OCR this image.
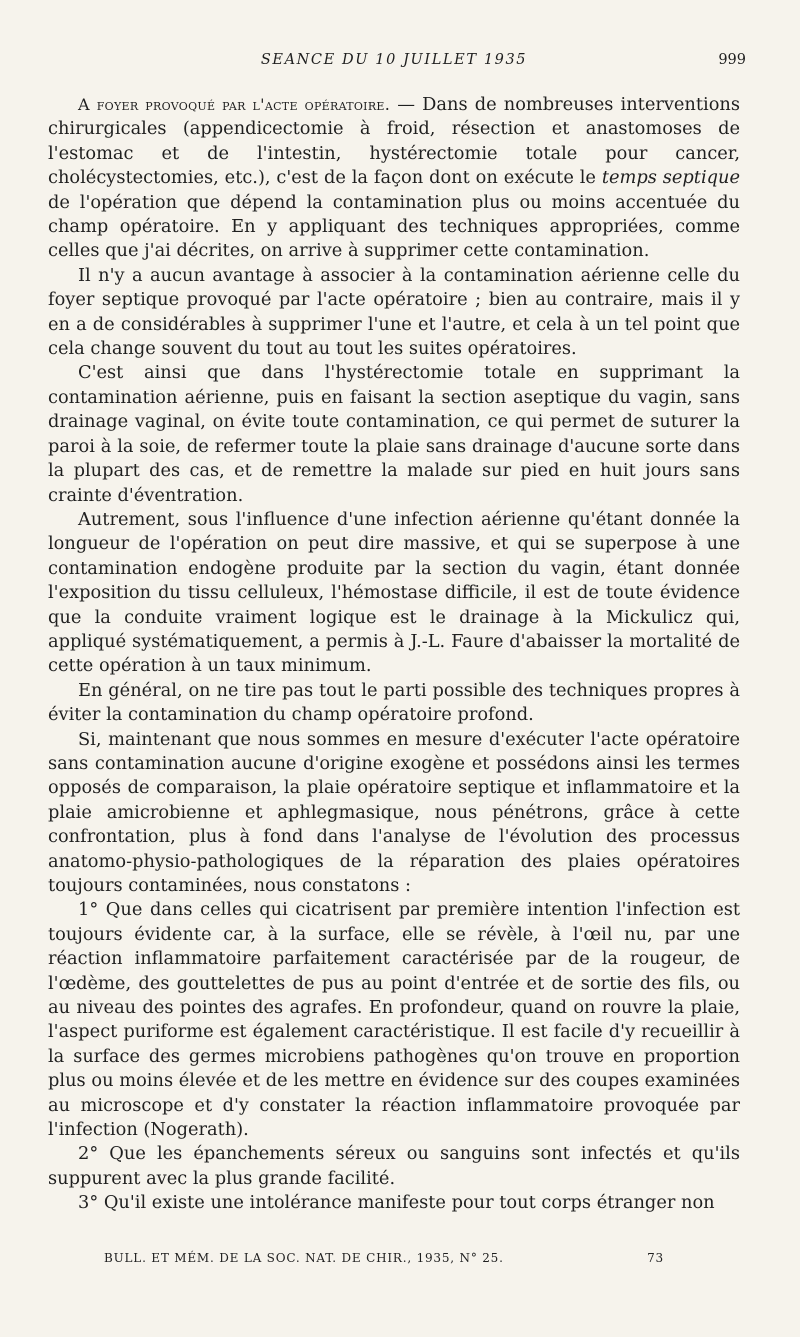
SEANCE DU 10 JUILLET 1935	999

A foyer provoqué par l'acte opératoire. — Dans de nombreuses interventions chirurgicales (appendicectomie à froid, résection et anastomoses de l'estomac et de l'intestin, hystérectomie totale pour cancer, cholécystectomies, etc.), c'est de la façon dont on exécute le temps septique de l'opération que dépend la contamination plus ou moins accentuée du champ opératoire. En y appliquant des techniques appropriées, comme celles que j'ai décrites, on arrive à supprimer cette contamination.

Il n'y a aucun avantage à associer à la contamination aérienne celle du foyer septique provoqué par l'acte opératoire ; bien au contraire, mais il y en a de considérables à supprimer l'une et l'autre, et cela à un tel point que cela change souvent du tout au tout les suites opératoires.

C'est ainsi que dans l'hystérectomie totale en supprimant la contamination aérienne, puis en faisant la section aseptique du vagin, sans drainage vaginal, on évite toute contamination, ce qui permet de suturer la paroi à la soie, de refermer toute la plaie sans drainage d'aucune sorte dans la plupart des cas, et de remettre la malade sur pied en huit jours sans crainte d'éventration.

Autrement, sous l'influence d'une infection aérienne qu'étant donnée la longueur de l'opération on peut dire massive, et qui se superpose à une contamination endogène produite par la section du vagin, étant donnée l'exposition du tissu celluleux, l'hémostase difficile, il est de toute évidence que la conduite vraiment logique est le drainage à la Mickulicz qui, appliqué systématiquement, a permis à J.-L. Faure d'abaisser la mortalité de cette opération à un taux minimum.

En général, on ne tire pas tout le parti possible des techniques propres à éviter la contamination du champ opératoire profond.

Si, maintenant que nous sommes en mesure d'exécuter l'acte opératoire sans contamination aucune d'origine exogène et possédons ainsi les termes opposés de comparaison, la plaie opératoire septique et inflammatoire et la plaie amicrobienne et aphlegmasique, nous pénétrons, grâce à cette confrontation, plus à fond dans l'analyse de l'évolution des processus anatomo-physio-pathologiques de la réparation des plaies opératoires toujours contaminées, nous constatons :

1° Que dans celles qui cicatrisent par première intention l'infection est toujours évidente car, à la surface, elle se révèle, à l'œil nu, par une réaction inflammatoire parfaitement caractérisée par de la rougeur, de l'œdème, des gouttelettes de pus au point d'entrée et de sortie des fils, ou au niveau des pointes des agrafes. En profondeur, quand on rouvre la plaie, l'aspect puriforme est également caractéristique. Il est facile d'y recueillir à la surface des germes microbiens pathogènes qu'on trouve en proportion plus ou moins élevée et de les mettre en évidence sur des coupes examinées au microscope et d'y constater la réaction inflammatoire provoquée par l'infection (Nogerath).

2° Que les épanchements séreux ou sanguins sont infectés et qu'ils suppurent avec la plus grande facilité.

3° Qu'il existe une intolérance manifeste pour tout corps étranger non

BULL. ET MÉM. DE LA SOC. NAT. DE CHIR., 1935, N° 25.	73
